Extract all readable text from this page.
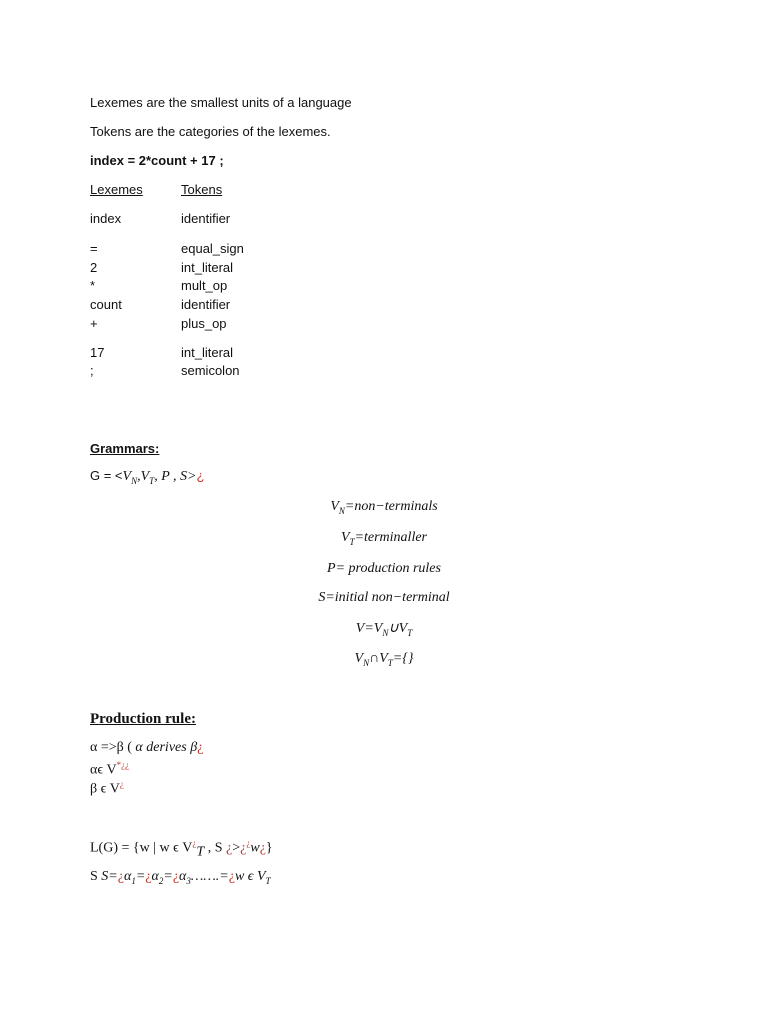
Lexemes are the smallest units of a language
Tokens are the categories of the lexemes.
index = 2*count + 17 ;
Lexemes	Tokens
index	identifier
=	equal_sign
2	int_literal
*	mult_op
count	identifier
+	plus_op
17	int_literal
;	semicolon
Grammars:
$G = <V_N,V_T$, P , S>¿
$V_N=non-terminals$
$V_T=terminaller$
P= production rules
S=initial non−terminal
$V=V_N\cup V_T$
$V_N\cap V_T=\{\}$
Production rule:
α =>β ( α derives β¿
αϵ V*¿¿
β ϵ V¿
L(G) = {w | w ϵ $V^¿_T$ , S ¿>¿¿w¿}
S $S=¿\alpha_1=¿\alpha_2=¿\alpha_3\dots\dots.=¿w$ ϵ $V_T$
